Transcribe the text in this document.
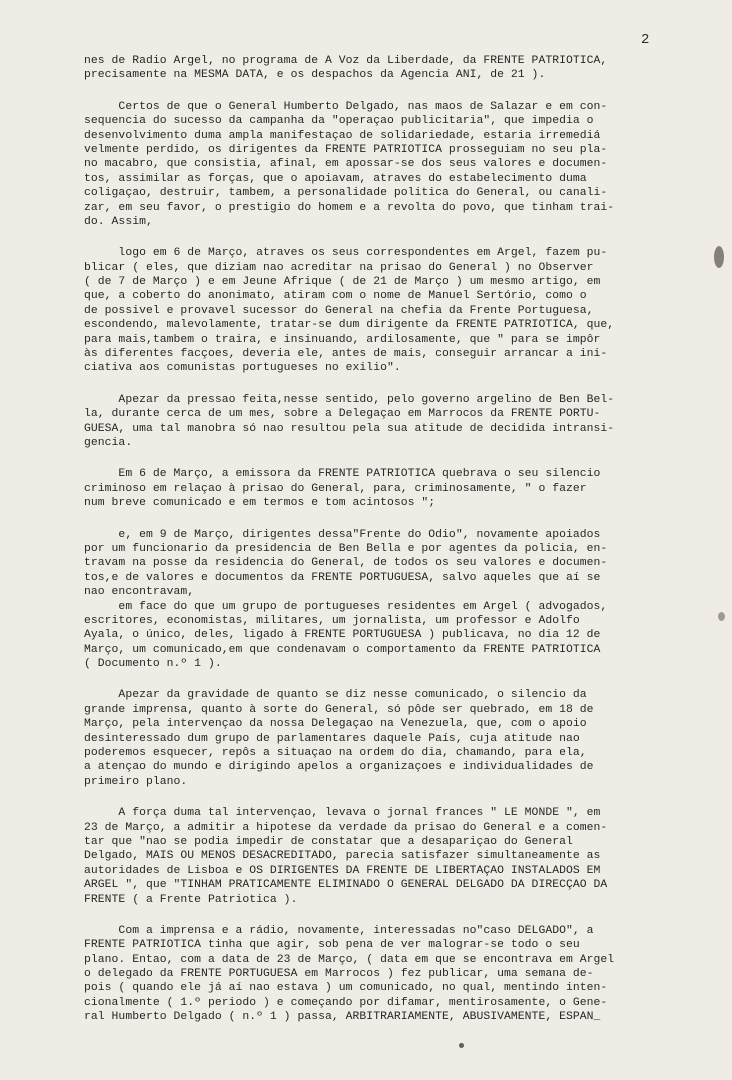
2
nes de Radio Argel, no programa de A Voz da Liberdade, da FRENTE PATRIOTICA,
precisamente na MESMA DATA, e os despachos da Agencia ANI, de 21 ).
Certos de que o General Humberto Delgado, nas maos de Salazar e em con-
sequencia do sucesso da campanha da "operaçao publicitaria", que impedia o
desenvolvimento duma ampla manifestaçao de solidariedade, estaria irremediá
velmente perdido, os dirigentes da FRENTE PATRIOTICA prosseguiam no seu pla-
no macabro, que consistia, afinal, em apossar-se dos seus valores e documen-
tos, assimilar as forças, que o apoiavam, atraves do estabelecimento duma
coligaçao, destruir, tambem, a personalidade politica do General, ou canali-
zar, em seu favor, o prestigio do homem e a revolta do povo, que tinham trai-
do. Assim,
logo em 6 de Março, atraves os seus correspondentes em Argel, fazem pu-
blicar ( eles, que diziam nao acreditar na prisao do General ) no Observer
( de 7 de Março ) e em Jeune Afrique ( de 21 de Março ) um mesmo artigo, em
que, a coberto do anonimato, atiram com o nome de Manuel Sertório, como o
de possivel e provavel sucessor do General na chefia da Frente Portuguesa,
escondendo, malevolamente, tratar-se dum dirigente da FRENTE PATRIOTICA, que,
para mais,tambem o traira, e insinuando, ardilosamente, que " para se impôr
às diferentes facçoes, deveria ele, antes de mais, conseguir arrancar a ini-
ciativa aos comunistas portugueses no exilio".
Apezar da pressao feita,nesse sentido, pelo governo argelino de Ben Bel-
la, durante cerca de um mes, sobre a Delegaçao em Marrocos da FRENTE PORTU-
GUESA, uma tal manobra só nao resultou pela sua atitude de decidida intransi-
gencia.
Em 6 de Março, a emissora da FRENTE PATRIOTICA quebrava o seu silencio
criminoso em relaçao à prisao do General, para, criminosamente, " o fazer
num breve comunicado e em termos e tom acintosos ";
e, em 9 de Março, dirigentes dessa"Frente do Odio", novamente apoiados
por um funcionario da presidencia de Ben Bella e por agentes da policia, en-
travam na posse da residencia do General, de todos os seu valores e documen-
tos,e de valores e documentos da FRENTE PORTUGUESA, salvo aqueles que aí se
nao encontravam,
em face do que um grupo de portugueses residentes em Argel ( advogados,
escritores, economistas, militares, um jornalista, um professor e Adolfo
Ayala, o único, deles, ligado à FRENTE PORTUGUESA ) publicava, no dia 12 de
Março, um comunicado,em que condenavam o comportamento da FRENTE PATRIOTICA
( Documento n.º 1 ).
Apezar da gravidade de quanto se diz nesse comunicado, o silencio da
grande imprensa, quanto à sorte do General, só pôde ser quebrado, em 18 de
Março, pela intervençao da nossa Delegaçao na Venezuela, que, com o apoio
desinteressado dum grupo de parlamentares daquele País, cuja atitude nao
poderemos esquecer, repôs a situaçao na ordem do dia, chamando, para ela,
a atençao do mundo e dirigindo apelos a organizaçoes e individualidades de
primeiro plano.
A força duma tal intervençao, levava o jornal frances " LE MONDE ", em
23 de Março, a admitir a hipotese da verdade da prisao do General e a comen-
tar que "nao se podia impedir de constatar que a desapariçao do General
Delgado, MAIS OU MENOS DESACREDITADO, parecia satisfazer simultaneamente as
autoridades de Lisboa e OS DIRIGENTES DA FRENTE DE LIBERTAÇAO INSTALADOS EM
ARGEL ", que "TINHAM PRATICAMENTE ELIMINADO O GENERAL DELGADO DA DIRECÇAO DA
FRENTE ( a Frente Patriotica ).
Com a imprensa e a rádio, novamente, interessadas no"caso DELGADO", a
FRENTE PATRIOTICA tinha que agir, sob pena de ver malograr-se todo o seu
plano. Entao, com a data de 23 de Março, ( data em que se encontrava em Argel
o delegado da FRENTE PORTUGUESA em Marrocos ) fez publicar, uma semana de-
pois ( quando ele já aí nao estava ) um comunicado, no qual, mentindo inten-
cionalmente ( 1.º periodo ) e começando por difamar, mentirosamente, o Gene-
ral Humberto Delgado ( n.º 1 ) passa, ARBITRARIAMENTE, ABUSIVAMENTE, ESPAN_
